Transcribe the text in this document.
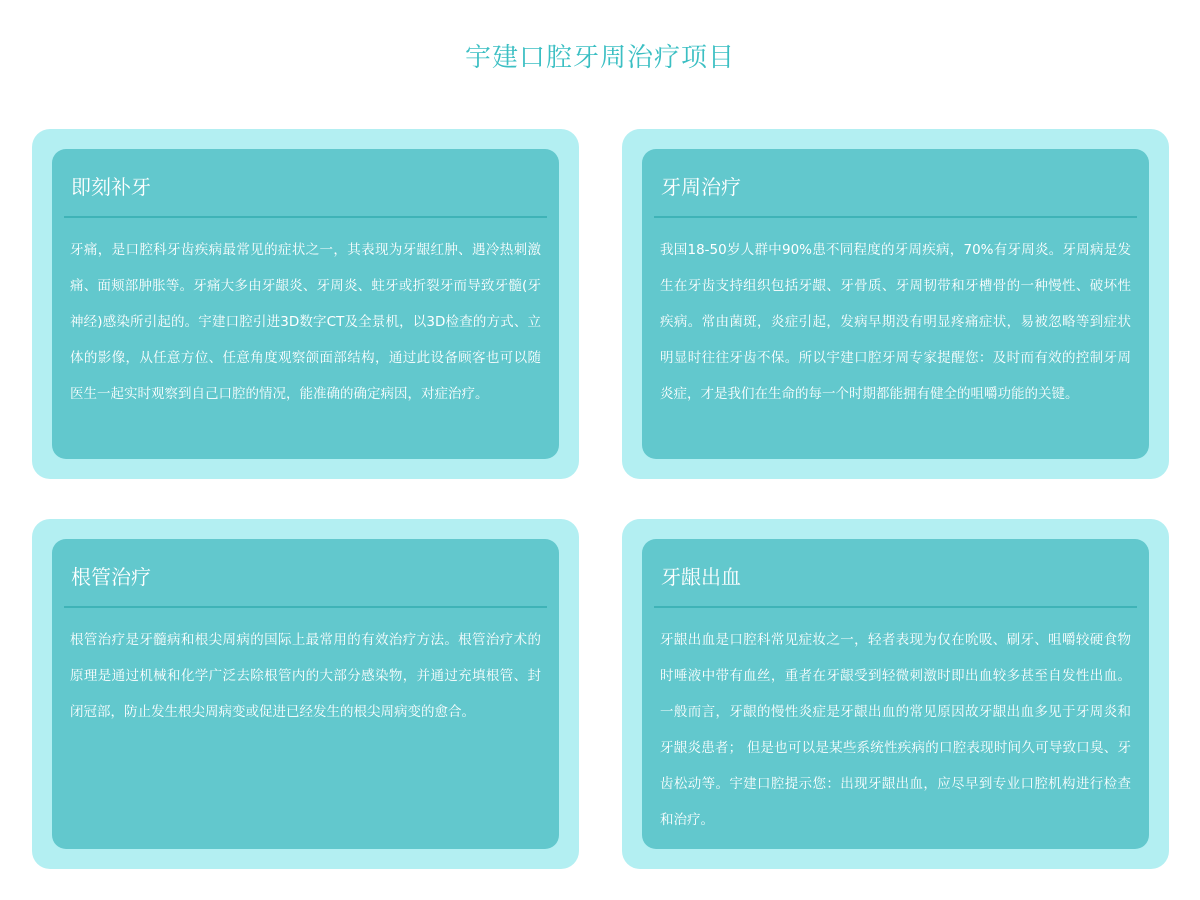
宇建口腔牙周治疗项目
即刻补牙

牙痛，是口腔科牙齿疾病最常见的症状之一，其表现为牙龈红肿、遇冷热刺激痛、面颊部肿胀等。牙痛大多由牙龈炎、牙周炎、蛀牙或折裂牙而导致牙髓(牙神经)感染所引起的。宇建口腔引进3D数字CT及全景机，以3D检查的方式、立体的影像，从任意方位、任意角度观察颌面部结构，通过此设备顾客也可以随医生一起实时观察到自己口腔的情况，能准确的确定病因，对症治疗。

牙周治疗

我国18-50岁人群中90%患不同程度的牙周疾病，70%有牙周炎。牙周病是发生在牙齿支持组织包括牙龈、牙骨质、牙周韧带和牙槽骨的一种慢性、破坏性疾病。常由菌斑，炎症引起，发病早期没有明显疼痛症状，易被忽略等到症状明显时往往牙齿不保。所以宇建口腔牙周专家提醒您：及时而有效的控制牙周炎症，才是我们在生命的每一个时期都能拥有健全的咀嚼功能的关键。

根管治疗

根管治疗是牙髓病和根尖周病的国际上最常用的有效治疗方法。根管治疗术的原理是通过机械和化学广泛去除根管内的大部分感染物，并通过充填根管、封闭冠部，防止发生根尖周病变或促进已经发生的根尖周病变的愈合。

牙龈出血

牙龈出血是口腔科常见症妆之一，轻者表现为仅在吮吸、刷牙、咀嚼较硬食物时唾液中带有血丝，重者在牙龈受到轻微刺激时即出血较多甚至自发性出血。一般而言，牙龈的慢性炎症是牙龈出血的常见原因故牙龈出血多见于牙周炎和牙龈炎患者； 但是也可以是某些系统性疾病的口腔表现时间久可导致口臭、牙齿松动等。宇建口腔提示您：出现牙龈出血，应尽早到专业口腔机构进行检查和治疗。
